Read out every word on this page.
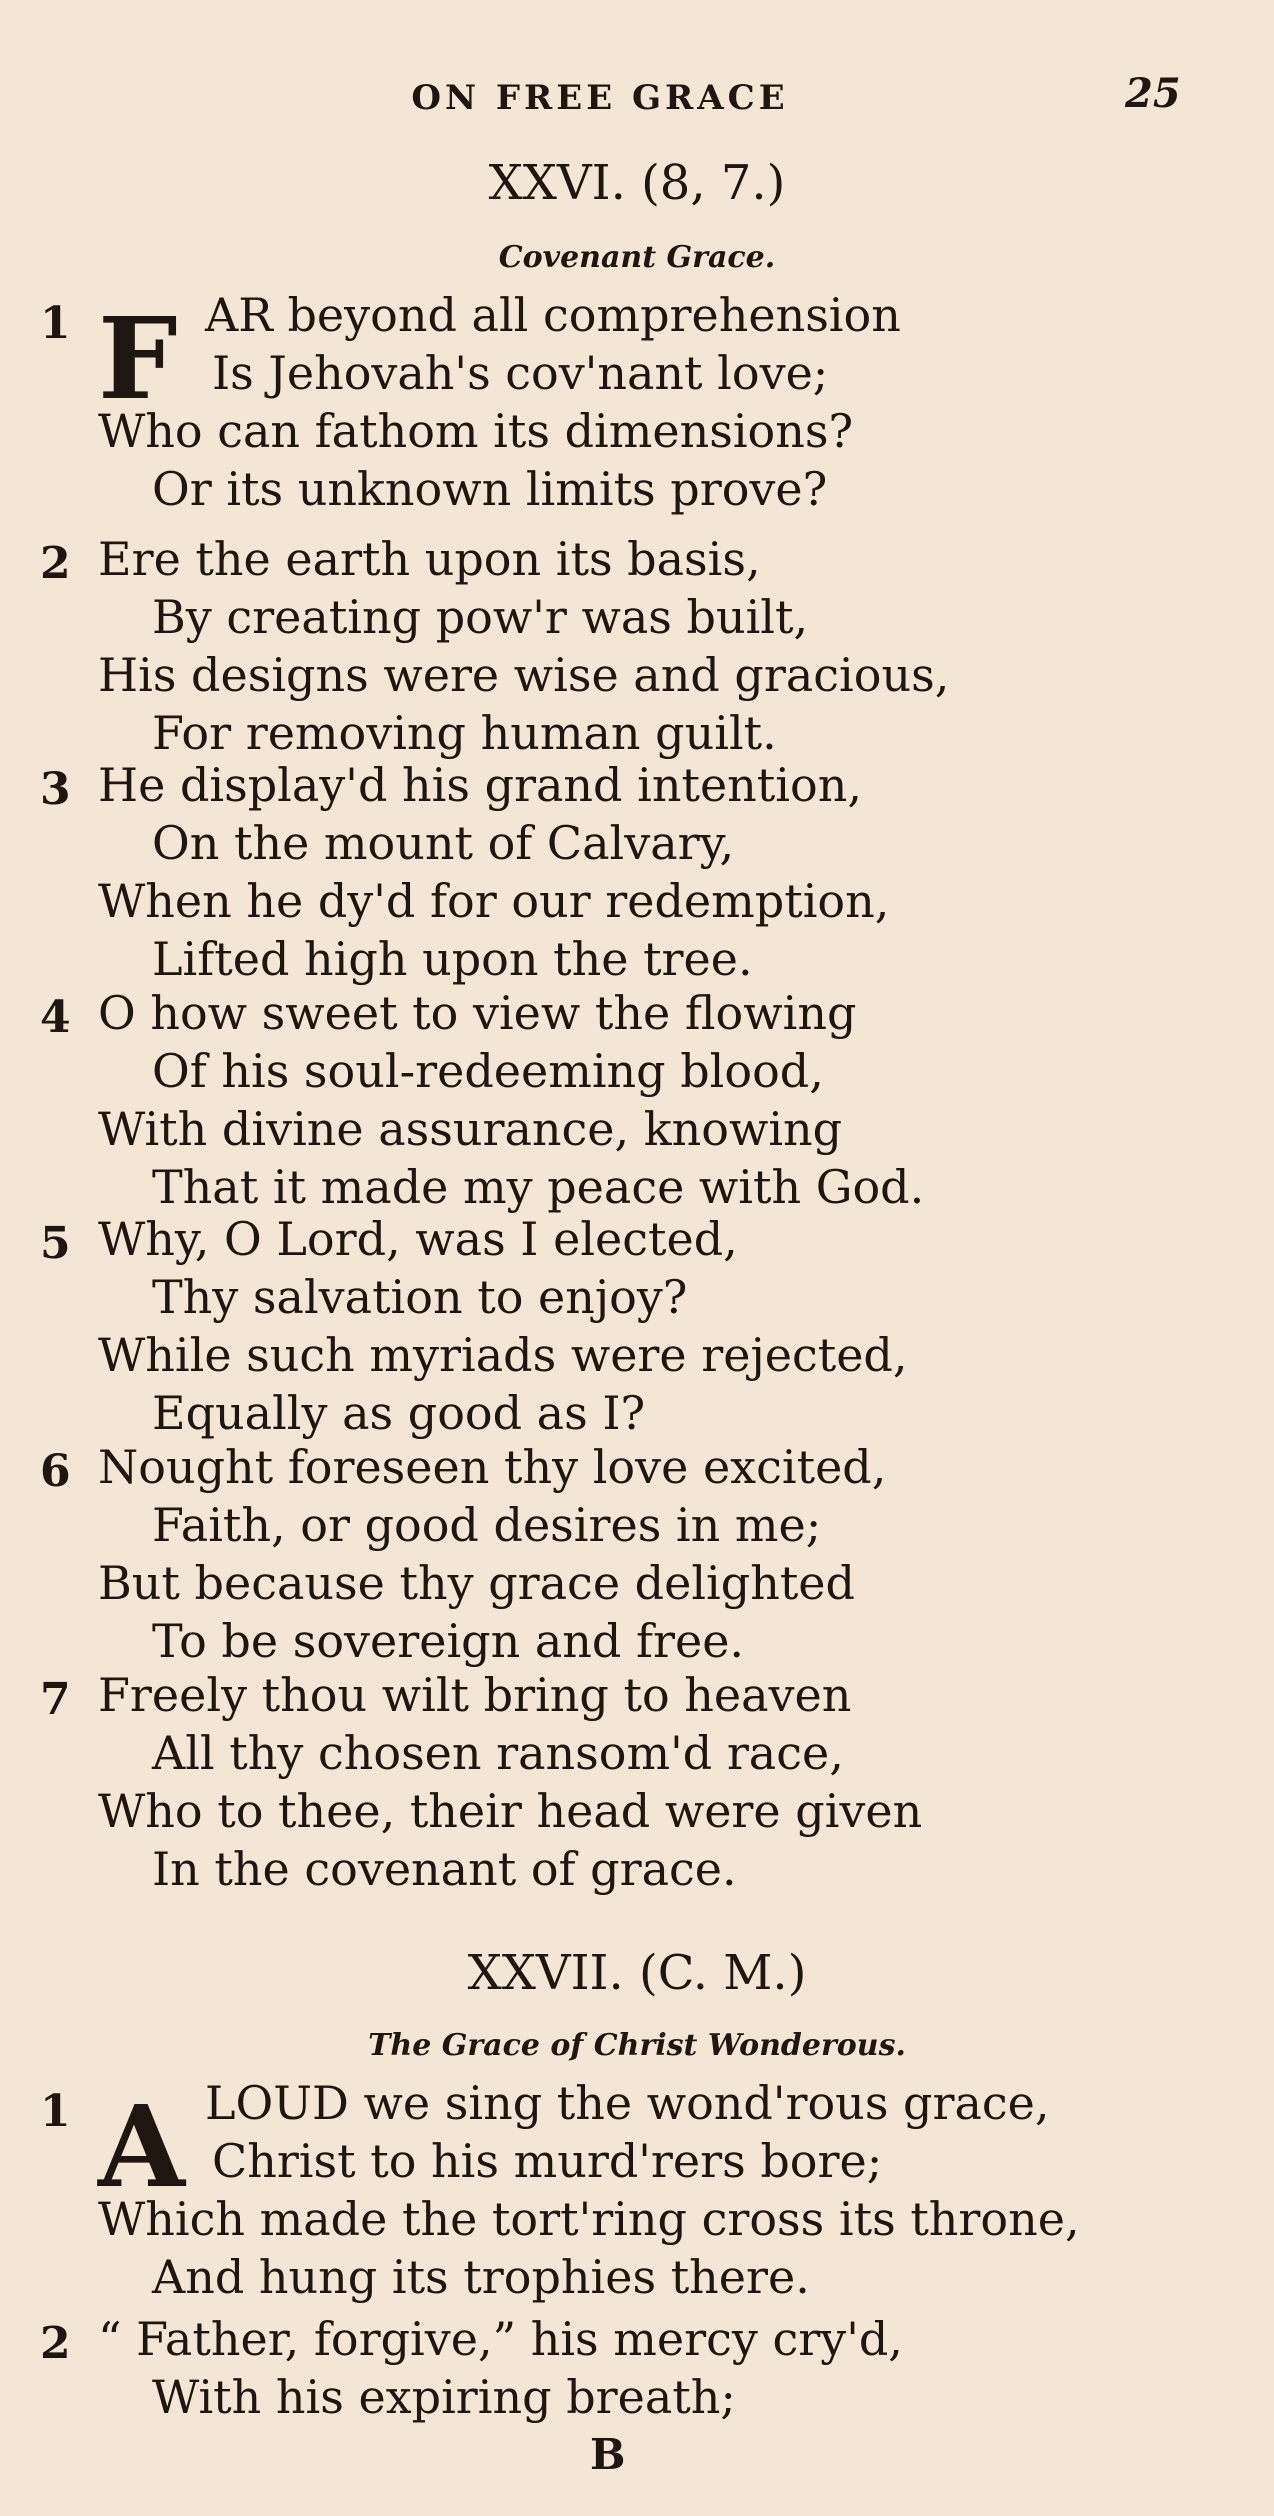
ON FREE GRACE	25
XXVI. (8, 7.)
Covenant Grace.
1 F AR beyond all comprehension
Is Jehovah's cov'nant love;
Who can fathom its dimensions?
Or its unknown limits prove?
2 Ere the earth upon its basis,
By creating pow'r was built,
His designs were wise and gracious,
For removing human guilt.
3 He display'd his grand intention,
On the mount of Calvary,
When he dy'd for our redemption,
Lifted high upon the tree.
4 O how sweet to view the flowing
Of his soul-redeeming blood,
With divine assurance, knowing
That it made my peace with God.
5 Why, O Lord, was I elected,
Thy salvation to enjoy?
While such myriads were rejected,
Equally as good as I?
6 Nought foreseen thy love excited,
Faith, or good desires in me;
But because thy grace delighted
To be sovereign and free.
7 Freely thou wilt bring to heaven
All thy chosen ransom'd race,
Who to thee, their head were given
In the covenant of grace.
XXVII. (C. M.)
The Grace of Christ Wonderous.
1 A LOUD we sing the wond'rous grace,
Christ to his murd'rers bore;
Which made the tort'ring cross its throne,
And hung its trophies there.
2 “ Father, forgive,” his mercy cry'd,
With his expiring breath;
B
